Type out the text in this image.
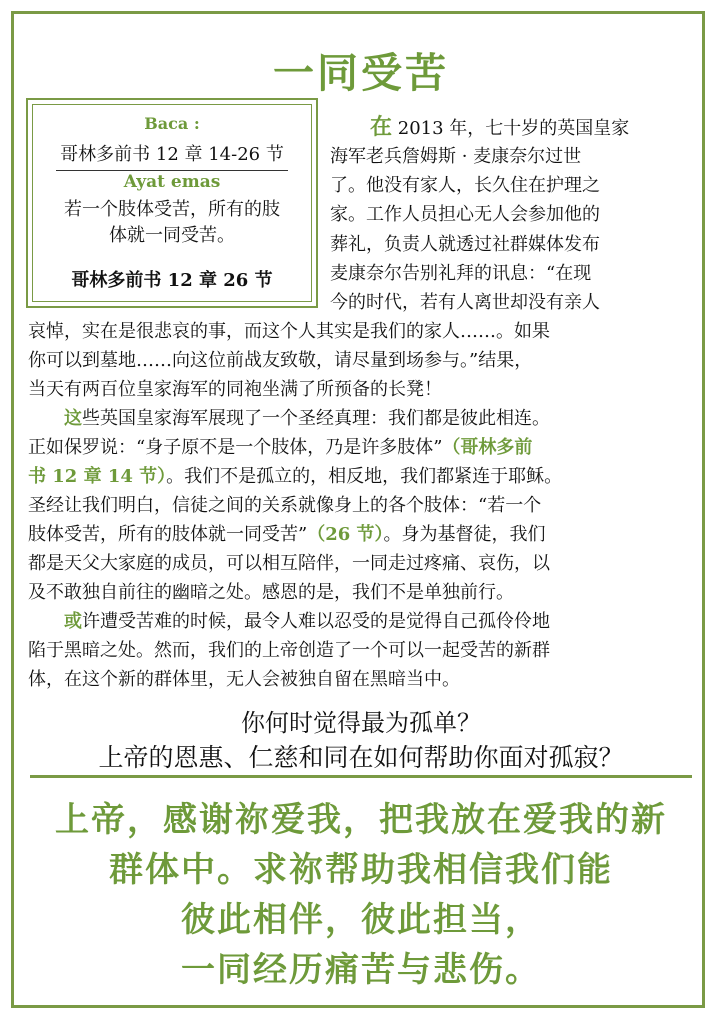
一同受苦
Baca :
哥林多前书 12 章 14-26 节
Ayat emas
若一个肢体受苦，所有的肢
体就一同受苦。
哥林多前书 12 章 26 节
在 2013 年，七十岁的英国皇家
海军老兵詹姆斯 · 麦康奈尔过世
了。他没有家人，长久住在护理之
家。工作人员担心无人会参加他的
葬礼，负责人就透过社群媒体发布
麦康奈尔告别礼拜的讯息：“在现
今的时代，若有人离世却没有亲人
哀悼，实在是很悲哀的事，而这个人其实是我们的家人……。如果
你可以到墓地……向这位前战友致敬，请尽量到场参与。”结果，
当天有两百位皇家海军的同袍坐满了所预备的长凳！
这些英国皇家海军展现了一个圣经真理：我们都是彼此相连。
正如保罗说：“身子原不是一个肢体，乃是许多肢体”（哥林多前
书 12 章 14 节）。我们不是孤立的，相反地，我们都紧连于耶稣。
圣经让我们明白，信徒之间的关系就像身上的各个肢体：“若一个
肢体受苦，所有的肢体就一同受苦”（26 节）。身为基督徒，我们
都是天父大家庭的成员，可以相互陪伴，一同走过疼痛、哀伤，以
及不敢独自前往的幽暗之处。感恩的是，我们不是单独前行。
或许遭受苦难的时候，最令人难以忍受的是觉得自己孤伶伶地
陷于黑暗之处。然而，我们的上帝创造了一个可以一起受苦的新群
体，在这个新的群体里，无人会被独自留在黑暗当中。
你何时觉得最为孤单？
上帝的恩惠、仁慈和同在如何帮助你面对孤寂？
上帝，感谢祢爱我，把我放在爱我的新
群体中。求祢帮助我相信我们能
彼此相伴，彼此担当，
一同经历痛苦与悲伤。
